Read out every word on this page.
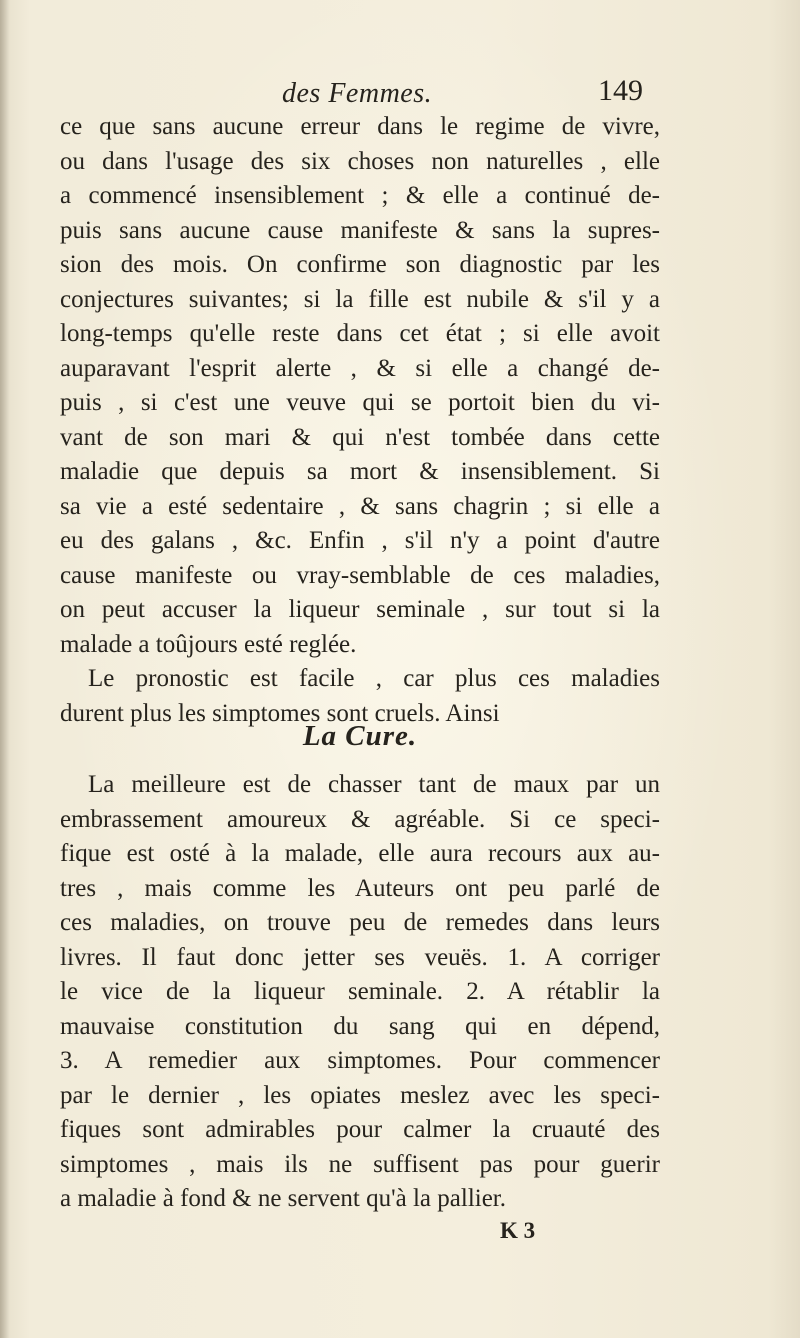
des Femmes.	149
ce que sans aucune erreur dans le regime de vivre,
ou dans l'usage des six choses non naturelles , elle
a commencé insensiblement ; & elle a continué de-
puis sans aucune cause manifeste & sans la supres-
sion des mois. On confirme son diagnostic par les
conjectures suivantes; si la fille est nubile & s'il y a
long-temps qu'elle reste dans cet état ; si elle avoit
auparavant l'esprit alerte , & si elle a changé de-
puis , si c'est une veuve qui se portoit bien du vi-
vant de son mari & qui n'est tombée dans cette
maladie que depuis sa mort & insensiblement. Si
sa vie a esté sedentaire , & sans chagrin ; si elle a
eu des galans , &c. Enfin , s'il n'y a point d'autre
cause manifeste ou vray-semblable de ces maladies,
on peut accuser la liqueur seminale , sur tout si la
malade a toûjours esté reglée.
Le pronostic est facile , car plus ces maladies
durent plus les simptomes sont cruels. Ainsi
La Cure.
La meilleure est de chasser tant de maux par un
embrassement amoureux & agréable. Si ce speci-
fique est osté à la malade, elle aura recours aux au-
tres , mais comme les Auteurs ont peu parlé de
ces maladies, on trouve peu de remedes dans leurs
livres. Il faut donc jetter ses veuës. 1. A corriger
le vice de la liqueur seminale. 2. A rétablir la
mauvaise constitution du sang qui en dépend,
3. A remedier aux simptomes. Pour commencer
par le dernier , les opiates meslez avec les speci-
fiques sont admirables pour calmer la cruauté des
simptomes , mais ils ne suffisent pas pour guerir
a maladie à fond & ne servent qu'à la pallier.
K 3
